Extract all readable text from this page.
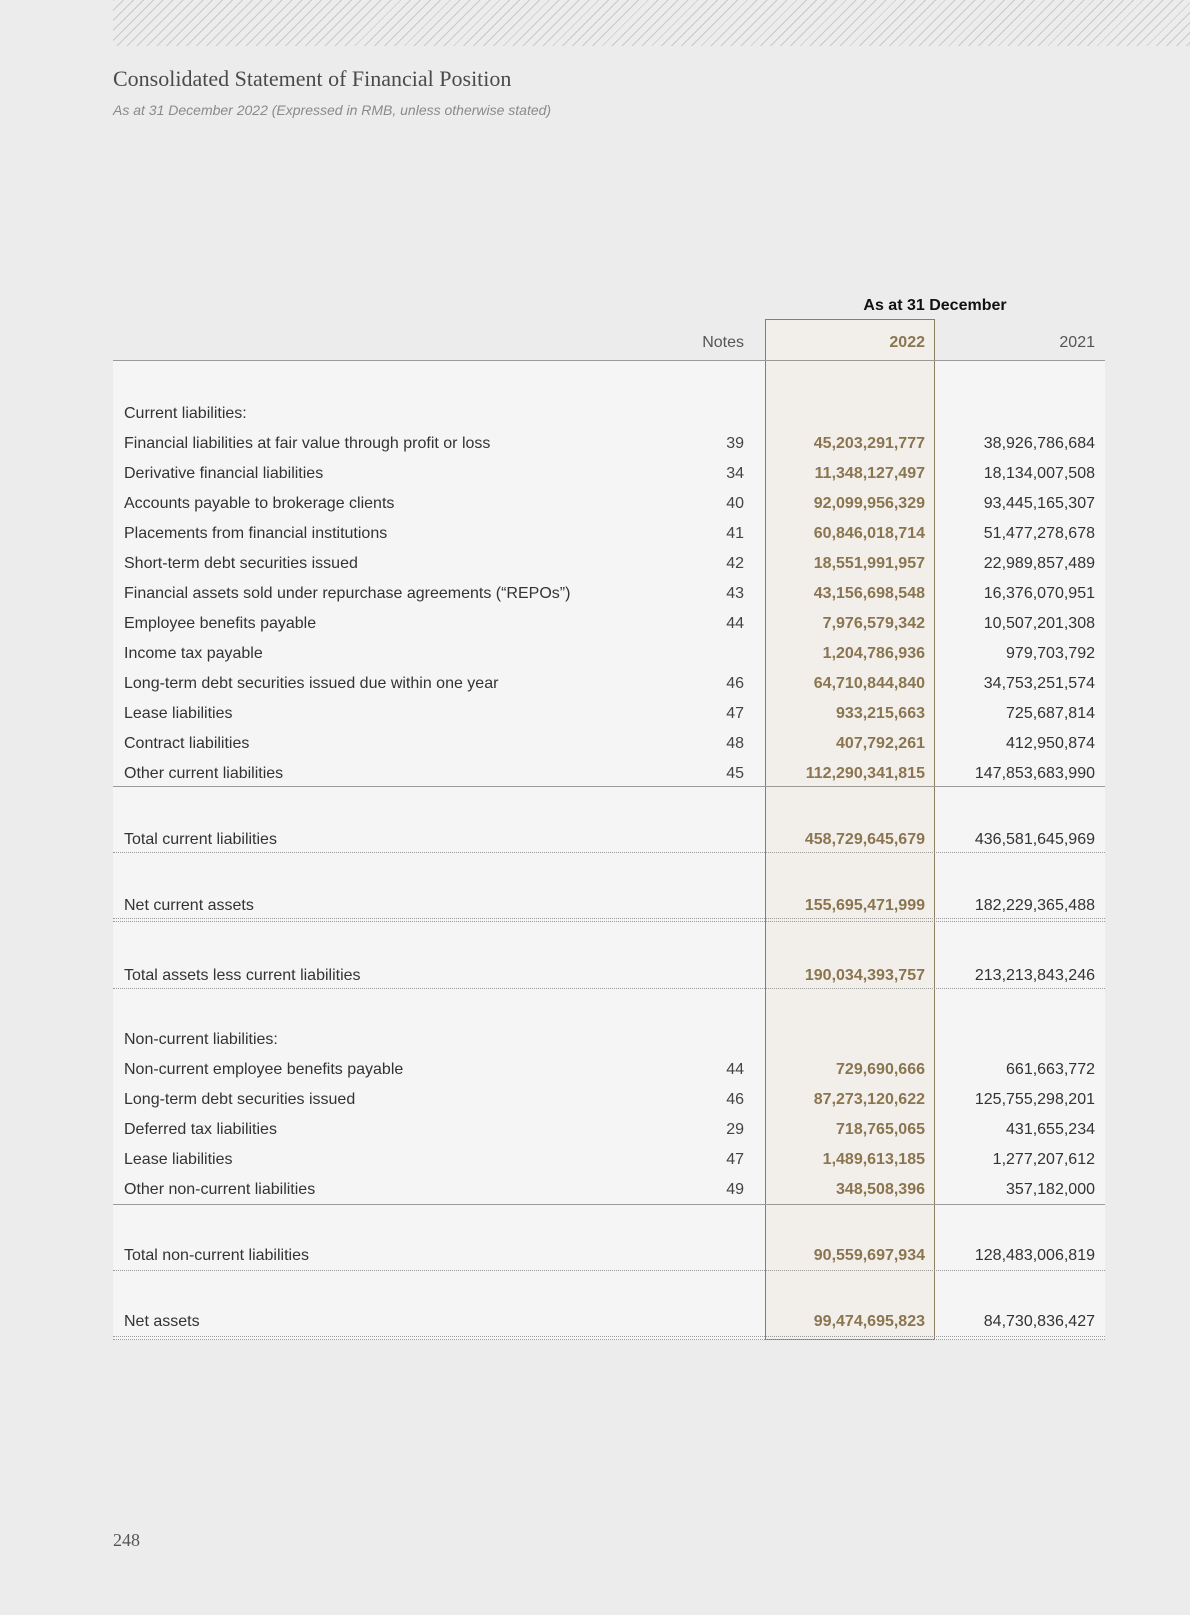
Consolidated Statement of Financial Position
As at 31 December 2022 (Expressed in RMB, unless otherwise stated)
As at 31 December
Notes	2022	2021
Current liabilities:
Financial liabilities at fair value through profit or loss	39	45,203,291,777	38,926,786,684
Derivative financial liabilities	34	11,348,127,497	18,134,007,508
Accounts payable to brokerage clients	40	92,099,956,329	93,445,165,307
Placements from financial institutions	41	60,846,018,714	51,477,278,678
Short-term debt securities issued	42	18,551,991,957	22,989,857,489
Financial assets sold under repurchase agreements (“REPOs”)	43	43,156,698,548	16,376,070,951
Employee benefits payable	44	7,976,579,342	10,507,201,308
Income tax payable	1,204,786,936	979,703,792
Long-term debt securities issued due within one year	46	64,710,844,840	34,753,251,574
Lease liabilities	47	933,215,663	725,687,814
Contract liabilities	48	407,792,261	412,950,874
Other current liabilities	45	112,290,341,815	147,853,683,990
Total current liabilities	458,729,645,679	436,581,645,969
Net current assets	155,695,471,999	182,229,365,488
Total assets less current liabilities	190,034,393,757	213,213,843,246
Non-current liabilities:
Non-current employee benefits payable	44	729,690,666	661,663,772
Long-term debt securities issued	46	87,273,120,622	125,755,298,201
Deferred tax liabilities	29	718,765,065	431,655,234
Lease liabilities	47	1,489,613,185	1,277,207,612
Other non-current liabilities	49	348,508,396	357,182,000
Total non-current liabilities	90,559,697,934	128,483,006,819
Net assets	99,474,695,823	84,730,836,427
248
